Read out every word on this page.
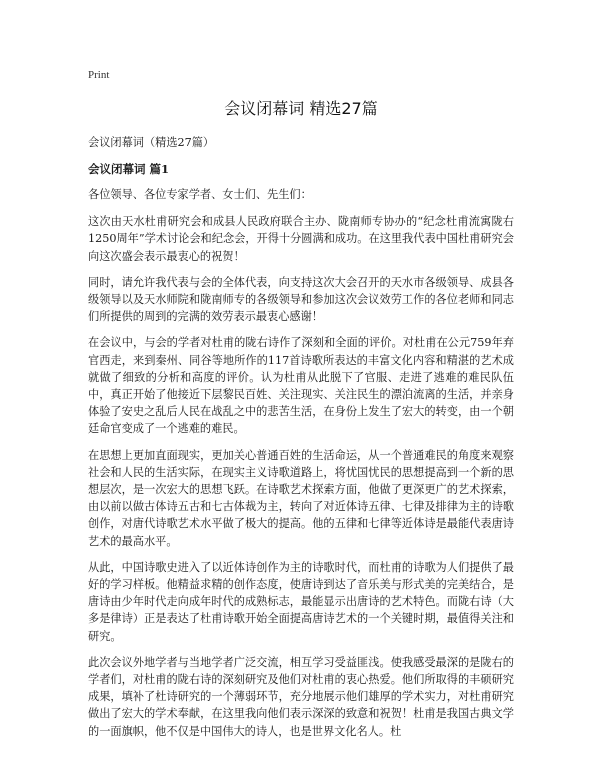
Print
会议闭幕词 精选27篇
会议闭幕词（精选27篇）
会议闭幕词 篇1

各位领导、各位专家学者、女士们、先生们：

这次由天水杜甫研究会和成县人民政府联合主办、陇南师专协办的“纪念杜甫流寓陇右1250周年”学术讨论会和纪念会，开得十分圆满和成功。在这里我代表中国杜甫研究会向这次盛会表示最衷心的祝贺！

同时，请允许我代表与会的全体代表，向支持这次大会召开的天水市各级领导、成县各级领导以及天水师院和陇南师专的各级领导和参加这次会议效劳工作的各位老师和同志们所提供的周到的完满的效劳表示最衷心感谢！

在会议中，与会的学者对杜甫的陇右诗作了深刻和全面的评价。对杜甫在公元759年弃官西走，来到秦州、同谷等地所作的117首诗歌所表达的丰富文化内容和精湛的艺术成就做了细致的分析和高度的评价。认为杜甫从此脱下了官服、走进了逃难的难民队伍中，真正开始了他接近下层黎民百姓、关注现实、关注民生的漂泊流离的生活，并亲身体验了安史之乱后人民在战乱之中的悲苦生活，在身份上发生了宏大的转变，由一个朝廷命官变成了一个逃难的难民。

在思想上更加直面现实，更加关心普通百姓的生活命运，从一个普通难民的角度来观察社会和人民的生活实际，在现实主义诗歌道路上，将忧国忧民的思想提高到一个新的思想层次，是一次宏大的思想飞跃。在诗歌艺术探索方面，他做了更深更广的艺术探索，由以前以做古体诗五古和七古体裁为主，转向了对近体诗五律、七律及排律为主的诗歌创作，对唐代诗歌艺术水平做了极大的提高。他的五律和七律等近体诗是最能代表唐诗艺术的最高水平。

从此，中国诗歌史进入了以近体诗创作为主的诗歌时代，而杜甫的诗歌为人们提供了最好的学习样板。他精益求精的创作态度，使唐诗到达了音乐美与形式美的完美结合，是唐诗由少年时代走向成年时代的成熟标志，最能显示出唐诗的艺术特色。而陇右诗（大多是律诗）正是表达了杜甫诗歌开始全面提高唐诗艺术的一个关键时期，最值得关注和研究。

此次会议外地学者与当地学者广泛交流，相互学习受益匪浅。使我感受最深的是陇右的学者们，对杜甫的陇右诗的深刻研究及他们对杜甫的衷心热爱。他们所取得的丰硕研究成果，填补了杜诗研究的一个薄弱环节，充分地展示他们雄厚的学术实力，对杜甫研究做出了宏大的学术奉献，在这里我向他们表示深深的致意和祝贺！杜甫是我国古典文学的一面旗帜，他不仅是中国伟大的诗人，也是世界文化名人。杜
